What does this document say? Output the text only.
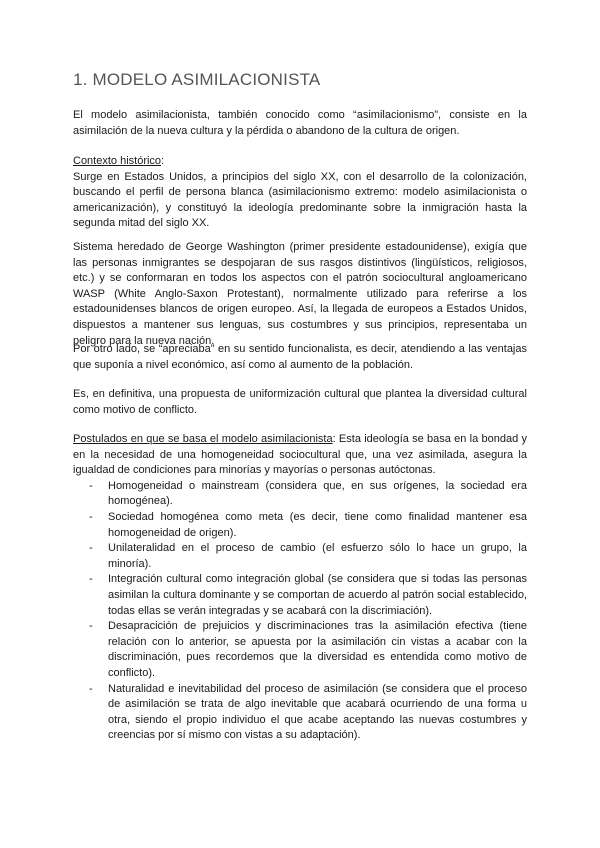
1. MODELO ASIMILACIONISTA

El modelo asimilacionista, también conocido como “asimilacionismo”, consiste en la asimilación de la nueva cultura y la pérdida o abandono de la cultura de origen.

Contexto histórico:

Surge en Estados Unidos, a principios del siglo XX, con el desarrollo de la colonización, buscando el perfil de persona blanca (asimilacionismo extremo: modelo asimilacionista o americanización), y constituyó la ideología predominante sobre la inmigración hasta la segunda mitad del siglo XX.

Sistema heredado de George Washington (primer presidente estadounidense), exigía que las personas inmigrantes se despojaran de sus rasgos distintivos (lingüísticos, religiosos, etc.) y se conformaran en todos los aspectos con el patrón sociocultural angloamericano WASP (White Anglo-Saxon Protestant), normalmente utilizado para referirse a los estadounidenses blancos de origen europeo. Así, la llegada de europeos a Estados Unidos, dispuestos a mantener sus lenguas, sus costumbres y sus principios, representaba un peligro para la nueva nación.

Por otro lado, se “apreciaba” en su sentido funcionalista, es decir, atendiendo a las ventajas que suponía a nivel económico, así como al aumento de la población.

Es, en definitiva, una propuesta de uniformización cultural que plantea la diversidad cultural como motivo de conflicto.

Postulados en que se basa el modelo asimilacionista: Esta ideología se basa en la bondad y en la necesidad de una homogeneidad sociocultural que, una vez asimilada, asegura la igualdad de condiciones para minorías y mayorías o personas autóctonas.
- Homogeneidad o mainstream (considera que, en sus orígenes, la sociedad era homogénea).
- Sociedad homogénea como meta (es decir, tiene como finalidad mantener esa homogeneidad de origen).
- Unilateralidad en el proceso de cambio (el esfuerzo sólo lo hace un grupo, la minoría).
- Integración cultural como integración global (se considera que si todas las personas asimilan la cultura dominante y se comportan de acuerdo al patrón social establecido, todas ellas se verán integradas y se acabará con la discrimiación).
- Desapracición de prejuicios y discriminaciones tras la asimilación efectiva (tiene relación con lo anterior, se apuesta por la asimilación cin vistas a acabar con la discriminación, pues recordemos que la diversidad es entendida como motivo de conflicto).
- Naturalidad e inevitabilidad del proceso de asimilación (se considera que el proceso de asimilación se trata de algo inevitable que acabará ocurriendo de una forma u otra, siendo el propio individuo el que acabe aceptando las nuevas costumbres y creencias por sí mismo con vistas a su adaptación).
